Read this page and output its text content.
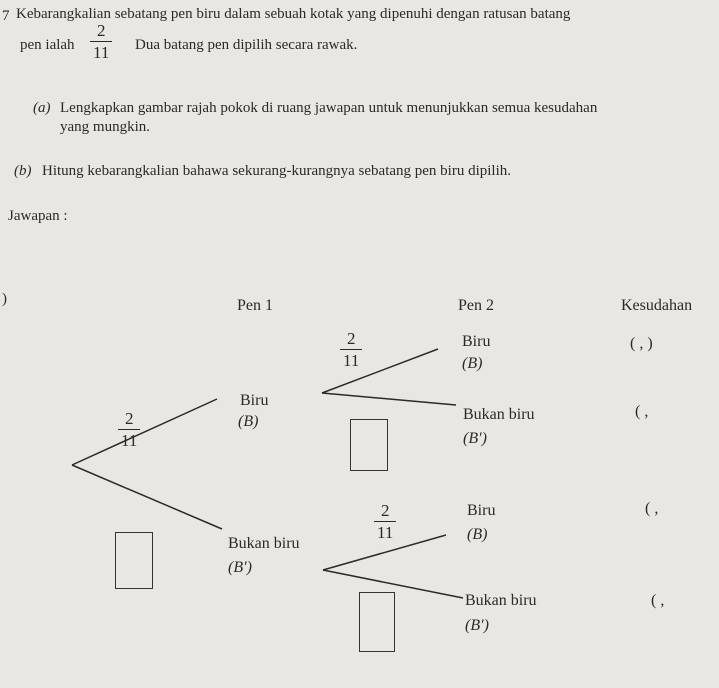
7 Kebarangkalian sebatang pen biru dalam sebuah kotak yang dipenuhi dengan ratusan batang
pen ialah
2
11 Dua batang pen dipilih secara rawak.
(a) Lengkapkan gambar rajah pokok di ruang jawapan untuk menunjukkan semua kesudahan
yang mungkin.
(b) Hitung kebarangkalian bahawa sekurang-kurangnya sebatang pen biru dipilih.
Jawapan :
)	Pen 1	Pen 2	Kesudahan
2
11
Biru
(B)
Bukan biru
(B′)
2
11
Biru
(B)
Bukan biru
(B′)
2
11
Biru
(B)
Bukan biru
(B′)
( , )
( ,
( ,
( ,
